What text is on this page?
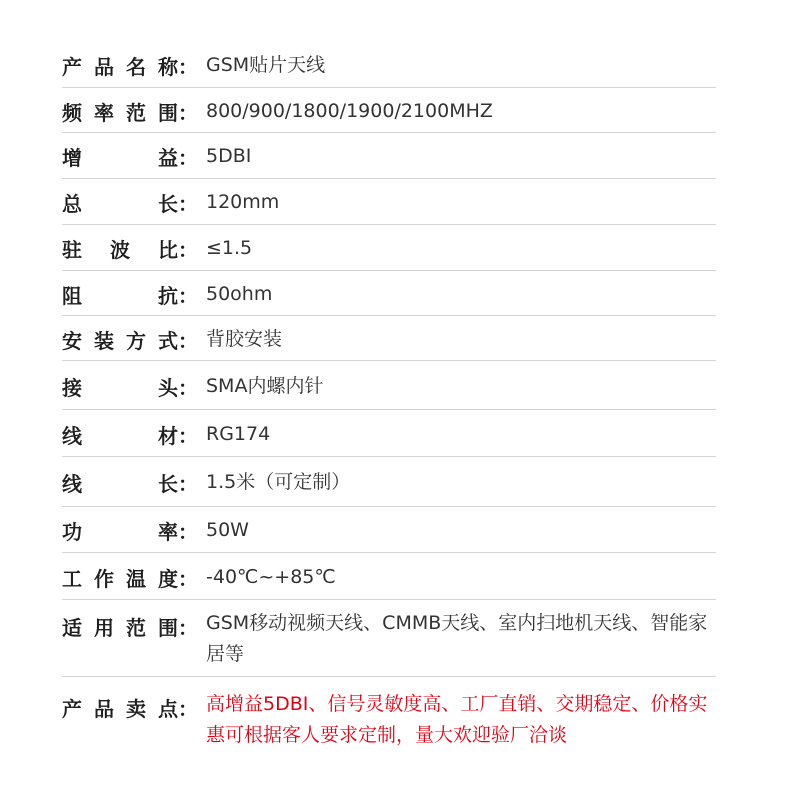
产 品 名 称 ： GSM贴片天线
频 率 范 围 ： 800/900/1800/1900/2100MHZ
增	益 ： 5DBI
总	长 ： 120mm
驻 波 比 ： ≤1.5
阻	抗 ： 50ohm
安 装 方 式 ： 背胶安装
接	头 ： SMA内螺内针
线	材 ： RG174
线	长 ： 1.5米（可定制）
功	率 ： 50W
工 作 温 度 ： -40℃~+85℃
适 用 范 围 ： GSM移动视频天线、CMMB天线、室内扫地机天线、智能家居等
产 品 卖 点 ： 高增益5DBI、信号灵敏度高、工厂直销、交期稳定、价格实惠可根据客人要求定制，量大欢迎验厂洽谈
